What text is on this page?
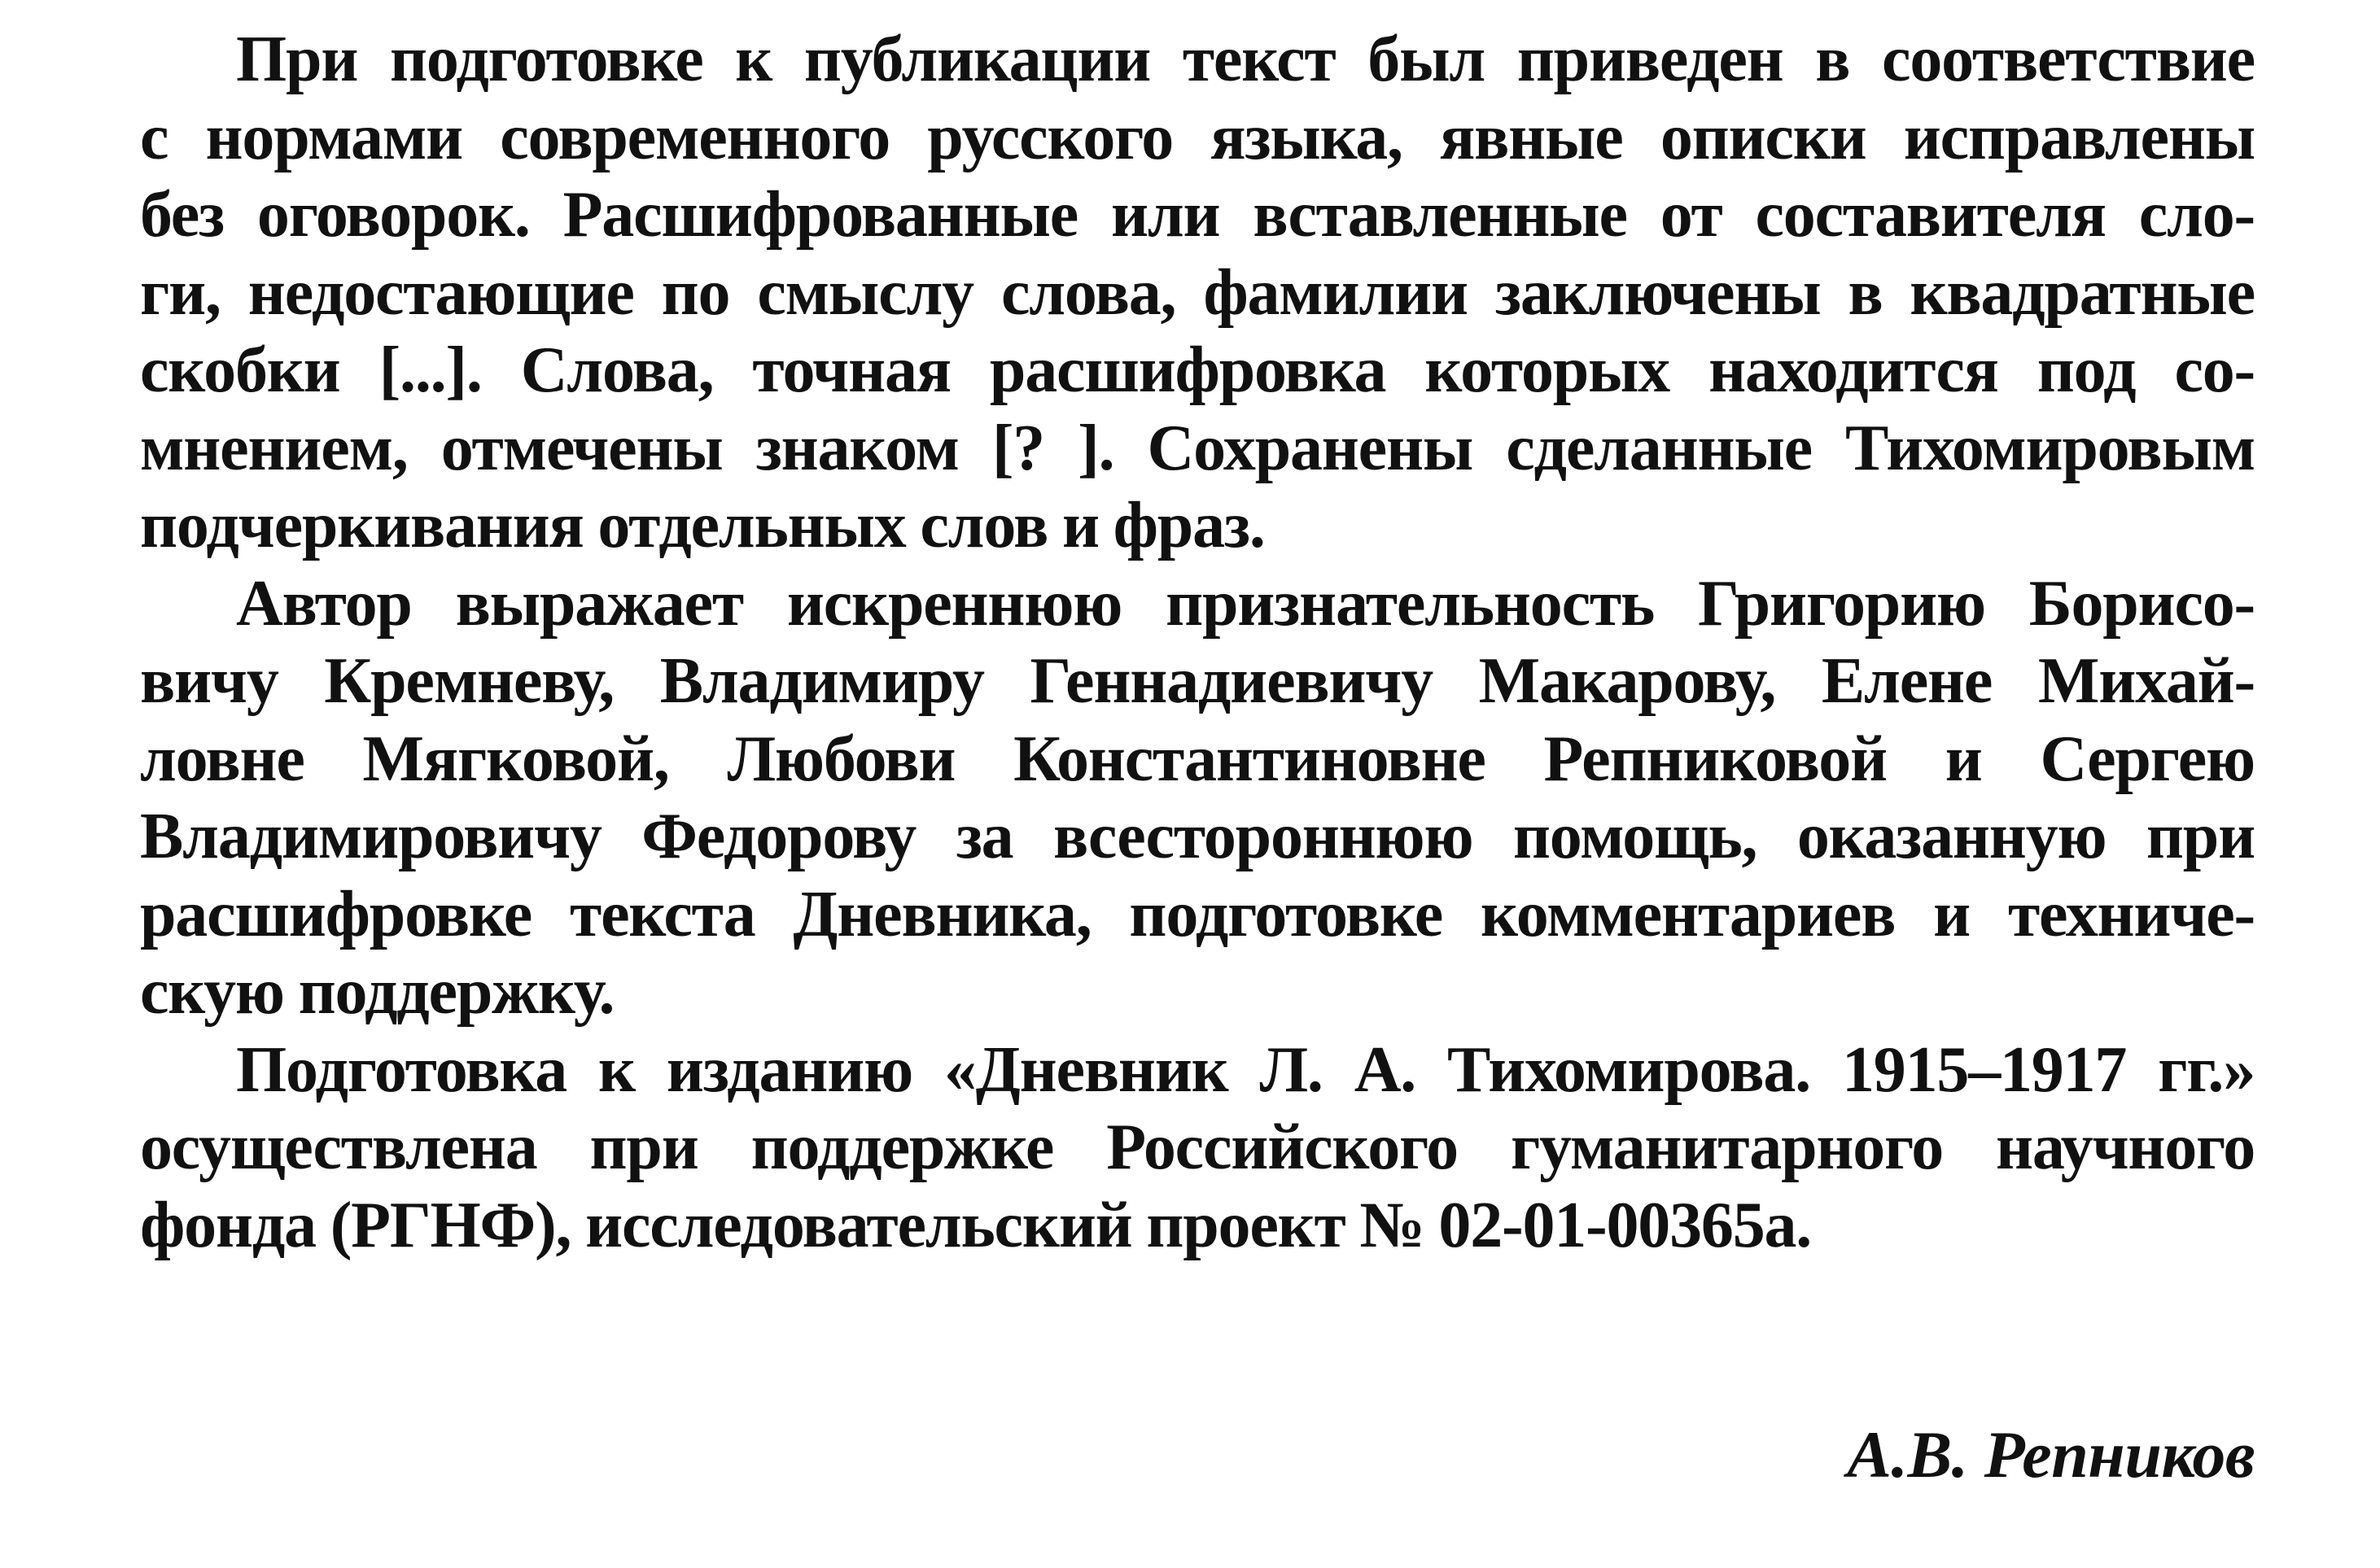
При подготовке к публикации текст был приведен в соответствие
с нормами современного русского языка, явные описки исправлены
без оговорок. Расшифрованные или вставленные от составителя сло-
ги, недостающие по смыслу слова, фамилии заключены в квадратные
скобки [...]. Слова, точная расшифровка которых находится под со-
мнением, отмечены знаком [? ]. Сохранены сделанные Тихомировым
подчеркивания отдельных слов и фраз.

Автор выражает искреннюю признательность Григорию Борисо-
вичу Кремневу, Владимиру Геннадиевичу Макарову, Елене Михай-
ловне Мягковой, Любови Константиновне Репниковой и Сергею
Владимировичу Федорову за всестороннюю помощь, оказанную при
расшифровке текста Дневника, подготовке комментариев и техниче-
скую поддержку.

Подготовка к изданию «Дневник Л. А. Тихомирова. 1915–1917 гг.»
осуществлена при поддержке Российского гуманитарного научного
фонда (РГНФ), исследовательский проект № 02-01-00365а.

А.В. Репников
